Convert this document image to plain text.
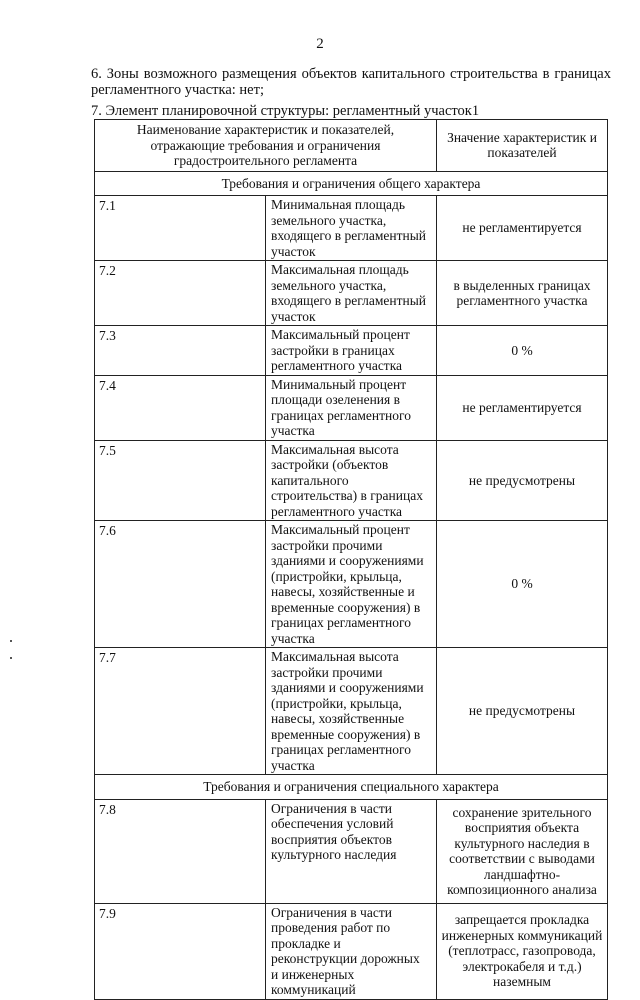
2

6. Зоны возможного размещения объектов капитального строительства в границах регламентного участка: нет;

7. Элемент планировочной структуры: регламентный участок1

Наименование характеристик и показателей, отражающие требования и ограничения градостроительного регламента		Значение характеристик и показателей
Требования и ограничения общего характера		
7.1	Минимальная площадь земельного участка, входящего в регламентный участок	не регламентируется
7.2	Максимальная площадь земельного участка, входящего в регламентный участок	в выделенных границах регламентного участка
7.3	Максимальный процент застройки в границах регламентного участка	0 %
7.4	Минимальный процент площади озеленения в границах регламентного участка	не регламентируется
7.5	Максимальная высота застройки (объектов капитального строительства) в границах регламентного участка	не предусмотрены
7.6	Максимальный процент застройки прочими зданиями и сооружениями (пристройки, крыльца, навесы, хозяйственные и временные сооружения) в границах регламентного участка	0 %
7.7	Максимальная высота застройки прочими зданиями и сооружениями (пристройки, крыльца, навесы, хозяйственные временные сооружения) в границах регламентного участка	не предусмотрены
Требования и ограничения специального характера		
7.8	Ограничения в части обеспечения условий восприятия объектов культурного наследия	сохранение зрительного восприятия объекта культурного наследия в соответствии с выводами ландшафтно-композиционного анализа
7.9	Ограничения в части проведения работ по прокладке и реконструкции дорожных и инженерных коммуникаций	запрещается прокладка инженерных коммуникаций (теплотрасс, газопровода, электрокабеля и т.д.) наземным
